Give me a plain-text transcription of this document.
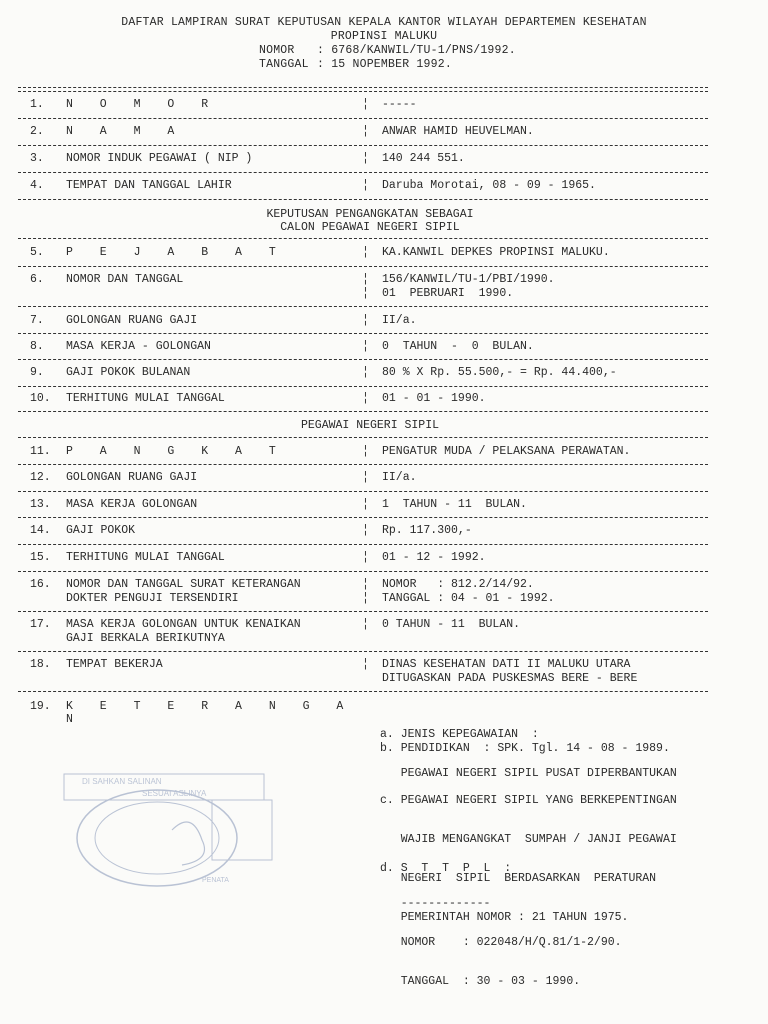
DAFTAR LAMPIRAN SURAT KEPUTUSAN KEPALA KANTOR WILAYAH DEPARTEMEN KESEHATAN
PROPINSI MALUKU
NOMOR : 6768/KANWIL/TU-1/PNS/1992.
TANGGAL : 15 NOPEMBER 1992.
1.	N O M O R	¦ -----
2.	N A M A	¦ ANWAR HAMID HEUVELMAN.
3.	NOMOR INDUK PEGAWAI ( NIP )	¦ 140 244 551.
4.	TEMPAT DAN TANGGAL LAHIR	¦ Daruba Morotai, 08 - 09 - 1965.
KEPUTUSAN PENGANGKATAN SEBAGAI
CALON PEGAWAI NEGERI SIPIL
5.	P E J A B A T	¦ KA.KANWIL DEPKES PROPINSI MALUKU.
6.	NOMOR DAN TANGGAL	¦ 156/KANWIL/TU-1/PBI/1990.
¦ 01  PEBRUARI  1990.
7.	GOLONGAN RUANG GAJI	¦ II/a.
8.	MASA KERJA - GOLONGAN	¦ 0  TAHUN  -  0  BULAN.
9.	GAJI POKOK BULANAN	¦ 80 % X Rp. 55.500,- = Rp. 44.400,-
10.	TERHITUNG MULAI TANGGAL	¦ 01 - 01 - 1990.
PEGAWAI NEGERI SIPIL
11.	P A N G K A T	¦ PENGATUR MUDA / PELAKSANA PERAWATAN.
12.	GOLONGAN RUANG GAJI	¦ II/a.
13.	MASA KERJA GOLONGAN	¦ 1  TAHUN - 11  BULAN.
14.	GAJI POKOK	¦ Rp. 117.300,-
15.	TERHITUNG MULAI TANGGAL	¦ 01 - 12 - 1992.
16.	NOMOR DAN TANGGAL SURAT KETERANGAN
DOKTER PENGUJI TERSENDIRI
¦ NOMOR   : 812.2/14/92.
¦ TANGGAL : 04 - 01 - 1992.
17.	MASA KERJA GOLONGAN UNTUK KENAIKAN
GAJI BERKALA BERIKUTNYA
¦ 0 TAHUN - 11  BULAN.
18.	TEMPAT BEKERJA	¦ DINAS KESEHATAN DATI II MALUKU UTARA
DITUGASKAN PADA PUSKESMAS BERE - BERE
19.	K E T E R A N G A N

a. JENIS KEPEGAWAIAN  :

PEGAWAI NEGERI SIPIL PUSAT DIPERBANTUKAN

b. PENDIDIKAN  : SPK. Tgl. 14 - 08 - 1989.

c. PEGAWAI NEGERI SIPIL YANG BERKEPENTINGAN

WAJIB MENGANGKAT  SUMPAH / JANJI PEGAWAI

NEGERI  SIPIL  BERDASARKAN  PERATURAN

PEMERINTAH NOMOR : 21 TAHUN 1975.

d. S  T  T  P  L  :

-------------

NOMOR    : 022048/H/Q.81/1-2/90.

TANGGAL  : 30 - 03 - 1990.

DI SAHKAN SALINAN
SESUAI ASLINYA
PENATA
